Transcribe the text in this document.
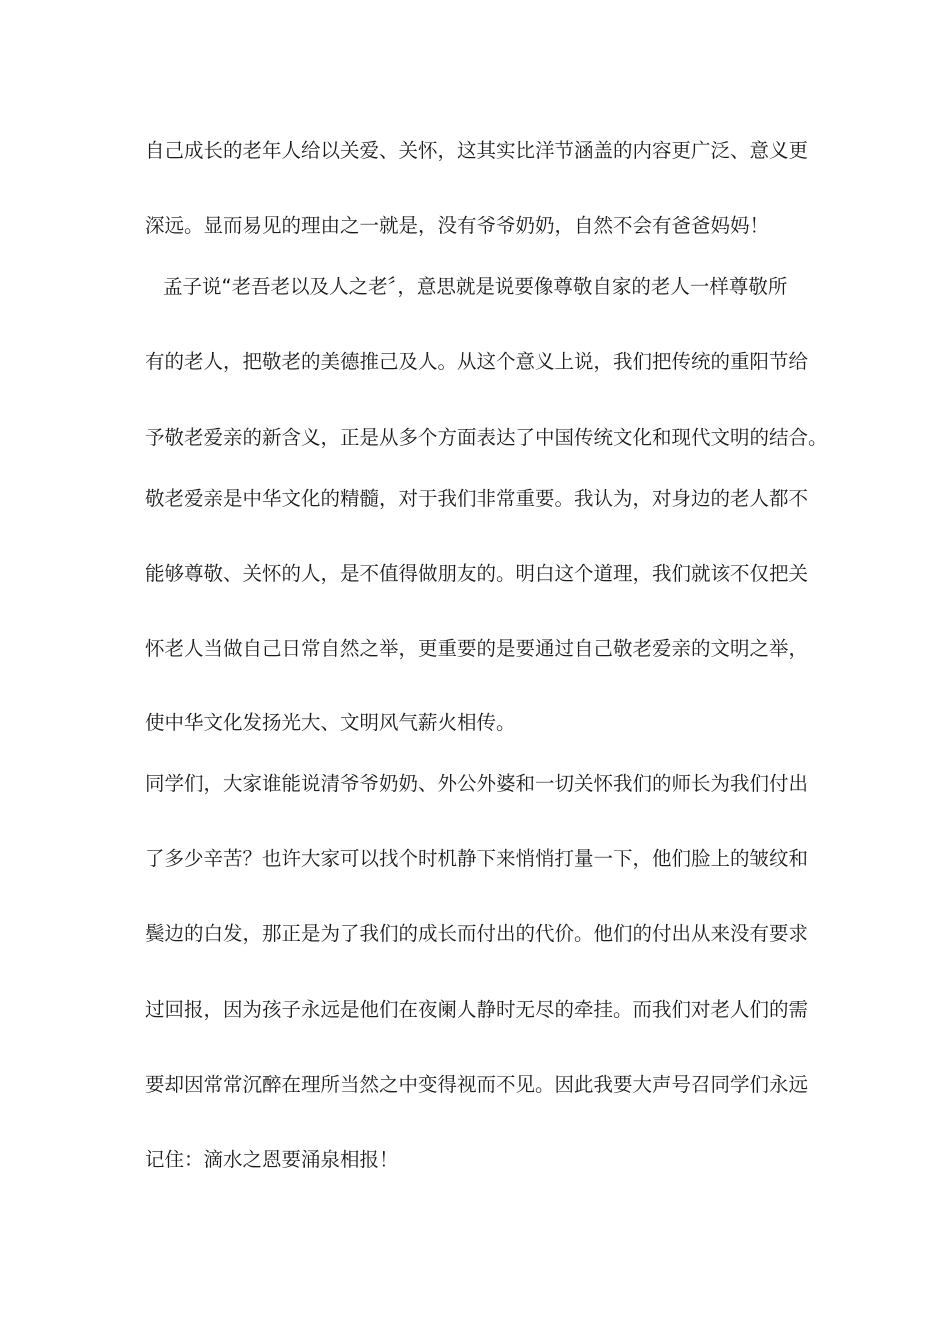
自己成长的老年人给以关爱、关怀，这其实比洋节涵盖的内容更广泛、意义更
深远。显而易见的理由之一就是，没有爷爷奶奶，自然不会有爸爸妈妈！
孟子说“老吾老以及人之老〞，意思就是说要像尊敬自家的老人一样尊敬所
有的老人，把敬老的美德推己及人。从这个意义上说，我们把传统的重阳节给
予敬老爱亲的新含义，正是从多个方面表达了中国传统文化和现代文明的结合。
敬老爱亲是中华文化的精髓，对于我们非常重要。我认为，对身边的老人都不
能够尊敬、关怀的人，是不值得做朋友的。明白这个道理，我们就该不仅把关
怀老人当做自己日常自然之举，更重要的是要通过自己敬老爱亲的文明之举，
使中华文化发扬光大、文明风气薪火相传。
同学们，大家谁能说清爷爷奶奶、外公外婆和一切关怀我们的师长为我们付出
了多少辛苦？也许大家可以找个时机静下来悄悄打量一下，他们脸上的皱纹和
鬓边的白发，那正是为了我们的成长而付出的代价。他们的付出从来没有要求
过回报，因为孩子永远是他们在夜阑人静时无尽的牵挂。而我们对老人们的需
要却因常常沉醉在理所当然之中变得视而不见。因此我要大声号召同学们永远
记住：滴水之恩要涌泉相报！
